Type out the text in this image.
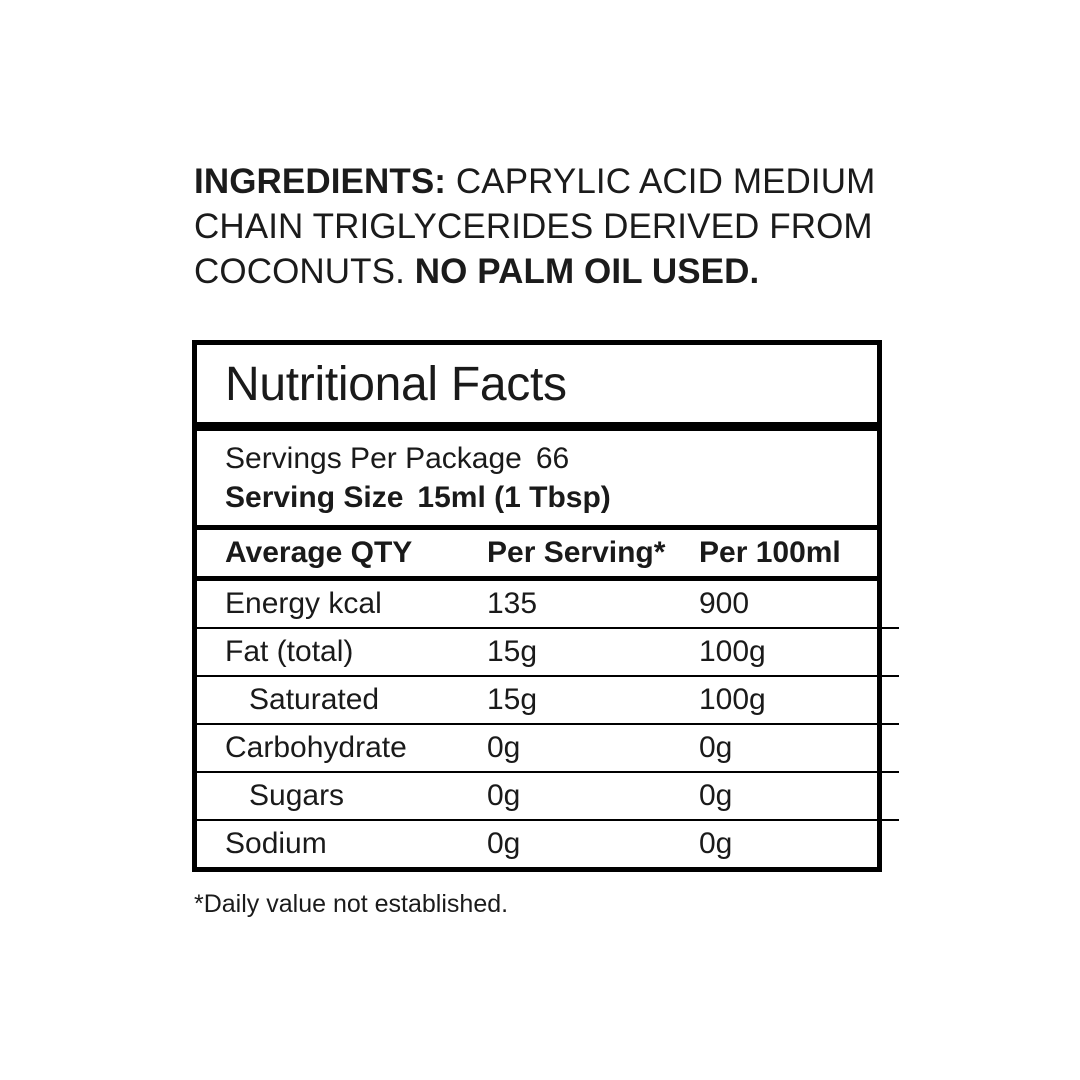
INGREDIENTS: CAPRYLIC ACID MEDIUM CHAIN TRIGLYCERIDES DERIVED FROM COCONUTS. NO PALM OIL USED.
Nutritional Facts
Servings Per Package 66
Serving Size 15ml (1 Tbsp)
Average QTY	Per Serving*	Per 100ml
Energy kcal	135	900
Fat (total)	15g	100g
Saturated	15g	100g
Carbohydrate	0g	0g
Sugars	0g	0g
Sodium	0g	0g
*Daily value not established.
